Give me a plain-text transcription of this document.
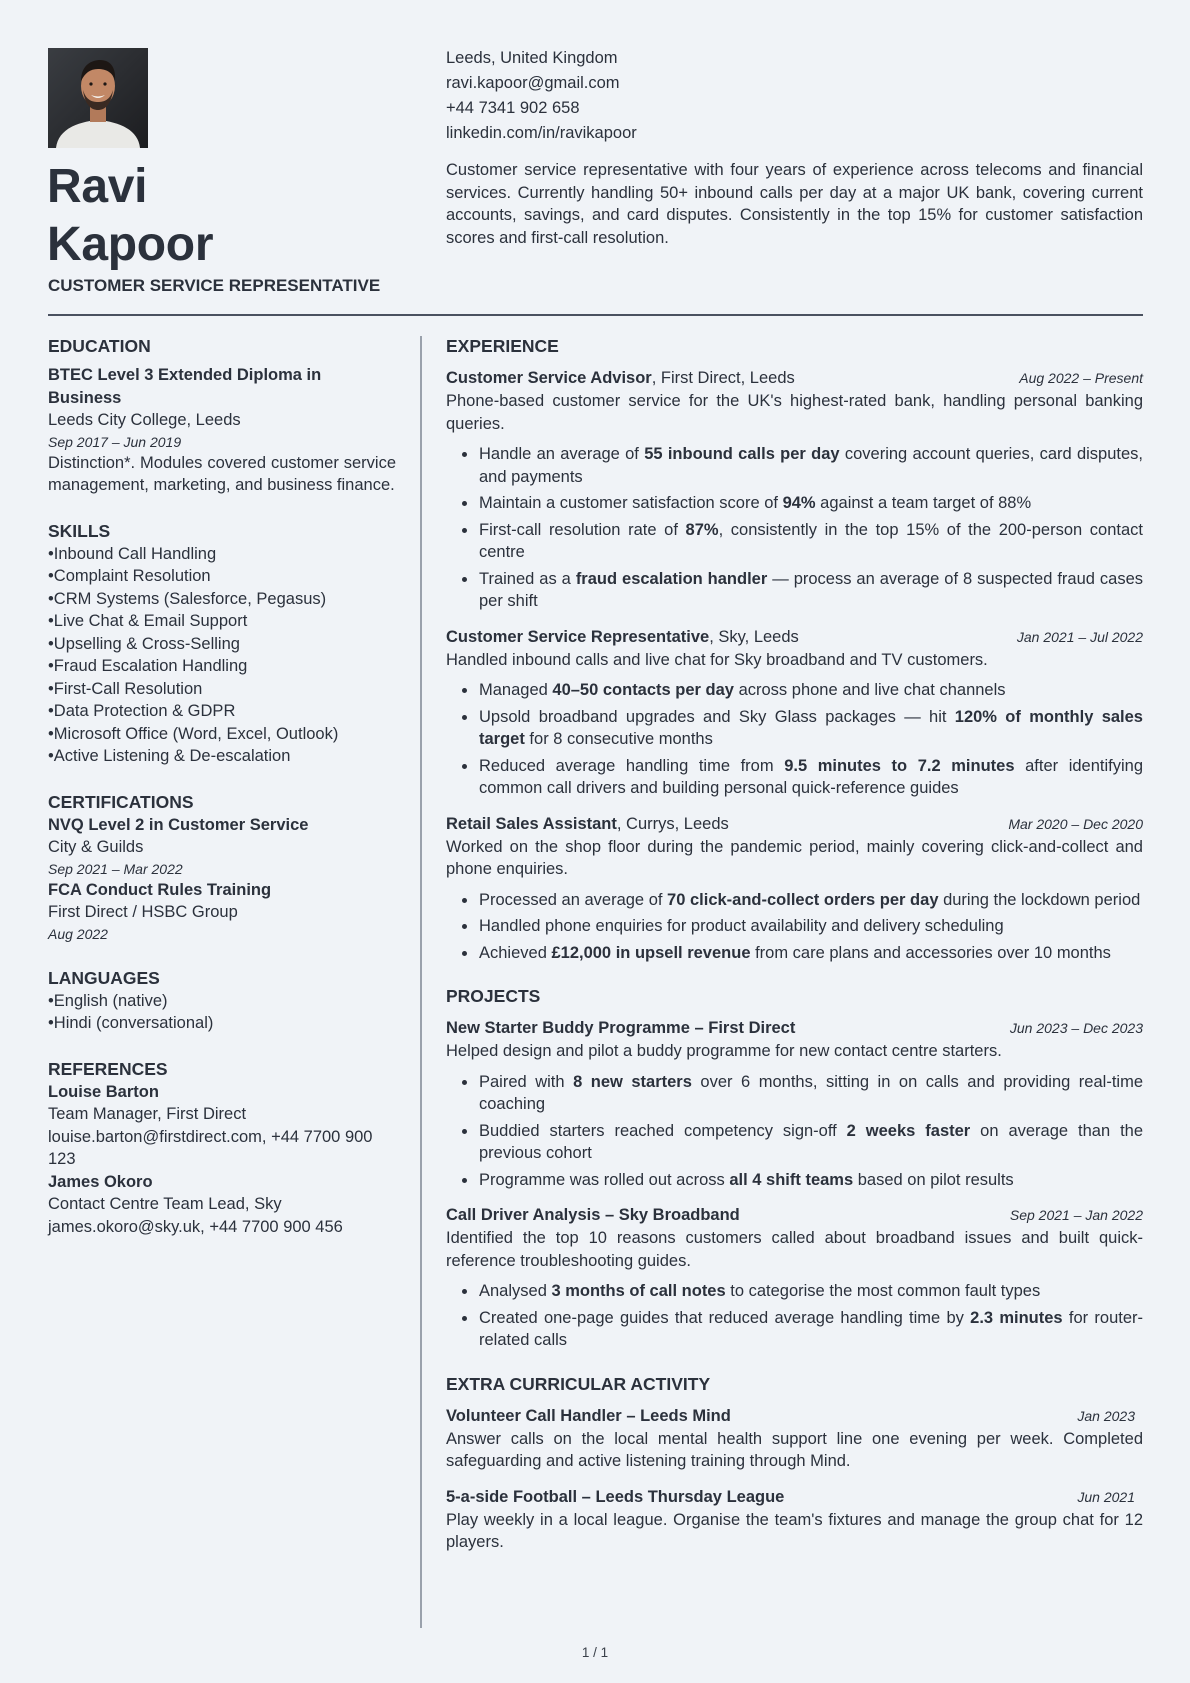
Ravi
Kapoor
CUSTOMER SERVICE REPRESENTATIVE
Leeds, United Kingdom
ravi.kapoor@gmail.com
+44 7341 902 658
linkedin.com/in/ravikapoor
Customer service representative with four years of experience across telecoms and financial services. Currently handling 50+ inbound calls per day at a major UK bank, covering current accounts, savings, and card disputes. Consistently in the top 15% for customer satisfaction scores and first-call resolution.
EDUCATION
BTEC Level 3 Extended Diploma in Business
Leeds City College, Leeds
Sep 2017 – Jun 2019
Distinction*. Modules covered customer service management, marketing, and business finance.
SKILLS
• Inbound Call Handling
• Complaint Resolution
• CRM Systems (Salesforce, Pegasus)
• Live Chat & Email Support
• Upselling & Cross-Selling
• Fraud Escalation Handling
• First-Call Resolution
• Data Protection & GDPR
• Microsoft Office (Word, Excel, Outlook)
• Active Listening & De-escalation
CERTIFICATIONS
NVQ Level 2 in Customer Service
City & Guilds
Sep 2021 – Mar 2022
FCA Conduct Rules Training
First Direct / HSBC Group
Aug 2022
LANGUAGES
• English (native)
• Hindi (conversational)
REFERENCES
Louise Barton
Team Manager, First Direct
louise.barton@firstdirect.com, +44 7700 900 123
James Okoro
Contact Centre Team Lead, Sky
james.okoro@sky.uk, +44 7700 900 456
EXPERIENCE
Customer Service Advisor, First Direct, Leeds	Aug 2022 – Present
Phone-based customer service for the UK's highest-rated bank, handling personal banking queries.
Handle an average of 55 inbound calls per day covering account queries, card disputes, and payments
Maintain a customer satisfaction score of 94% against a team target of 88%
First-call resolution rate of 87%, consistently in the top 15% of the 200-person contact centre
Trained as a fraud escalation handler — process an average of 8 suspected fraud cases per shift
Customer Service Representative, Sky, Leeds	Jan 2021 – Jul 2022
Handled inbound calls and live chat for Sky broadband and TV customers.
Managed 40–50 contacts per day across phone and live chat channels
Upsold broadband upgrades and Sky Glass packages — hit 120% of monthly sales target for 8 consecutive months
Reduced average handling time from 9.5 minutes to 7.2 minutes after identifying common call drivers and building personal quick-reference guides
Retail Sales Assistant, Currys, Leeds	Mar 2020 – Dec 2020
Worked on the shop floor during the pandemic period, mainly covering click-and-collect and phone enquiries.
Processed an average of 70 click-and-collect orders per day during the lockdown period
Handled phone enquiries for product availability and delivery scheduling
Achieved £12,000 in upsell revenue from care plans and accessories over 10 months
PROJECTS
New Starter Buddy Programme – First Direct	Jun 2023 – Dec 2023
Helped design and pilot a buddy programme for new contact centre starters.
Paired with 8 new starters over 6 months, sitting in on calls and providing real-time coaching
Buddied starters reached competency sign-off 2 weeks faster on average than the previous cohort
Programme was rolled out across all 4 shift teams based on pilot results
Call Driver Analysis – Sky Broadband	Sep 2021 – Jan 2022
Identified the top 10 reasons customers called about broadband issues and built quick-reference troubleshooting guides.
Analysed 3 months of call notes to categorise the most common fault types
Created one-page guides that reduced average handling time by 2.3 minutes for router-related calls
EXTRA CURRICULAR ACTIVITY
Volunteer Call Handler – Leeds Mind	Jan 2023
Answer calls on the local mental health support line one evening per week. Completed safeguarding and active listening training through Mind.
5-a-side Football – Leeds Thursday League	Jun 2021
Play weekly in a local league. Organise the team's fixtures and manage the group chat for 12 players.
1 / 1
